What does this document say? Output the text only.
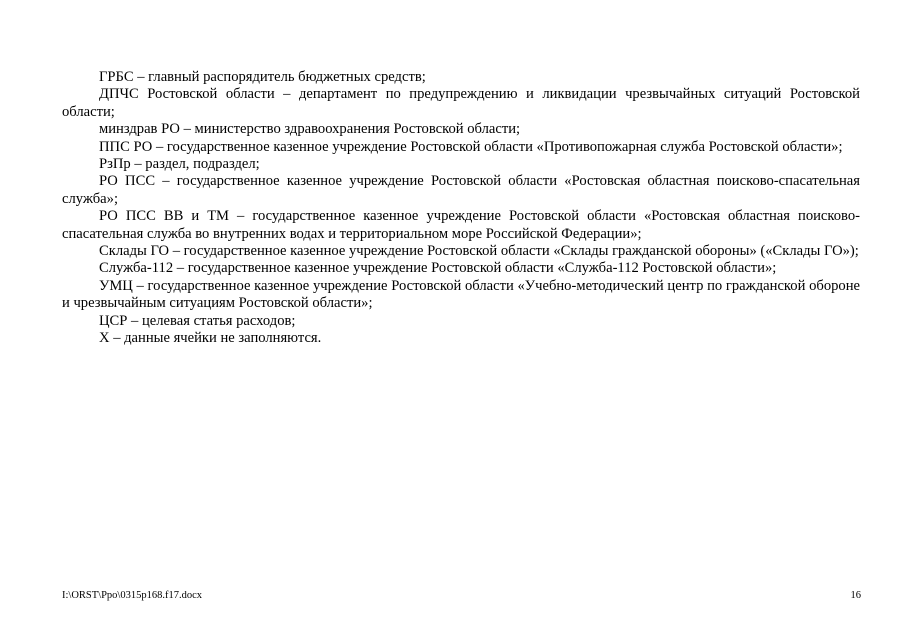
ГРБС – главный распорядитель бюджетных средств;

ДПЧС Ростовской области – департамент по предупреждению и ликвидации чрезвычайных ситуаций Ростовской области;

минздрав РО – министерство здравоохранения Ростовской области;

ППС РО – государственное казенное учреждение Ростовской области «Противопожарная служба Ростовской области»;

РзПр – раздел, подраздел;

РО ПСС – государственное казенное учреждение Ростовской области «Ростовская областная поисково-спасательная служба»;

РО ПСС ВВ и ТМ – государственное казенное учреждение Ростовской области «Ростовская областная поисково-спасательная служба во внутренних водах и территориальном море Российской Федерации»;

Склады ГО – государственное казенное учреждение Ростовской области «Склады гражданской обороны» («Склады ГО»);

Служба-112 – государственное казенное учреждение Ростовской области «Служба-112 Ростовской области»;

УМЦ – государственное казенное учреждение Ростовской области «Учебно-методический центр по гражданской обороне и чрезвычайным ситуациям Ростовской области»;

ЦСР – целевая статья расходов;

Х – данные ячейки не заполняются.

I:\ORST\Ppo\0315p168.f17.docx	16
